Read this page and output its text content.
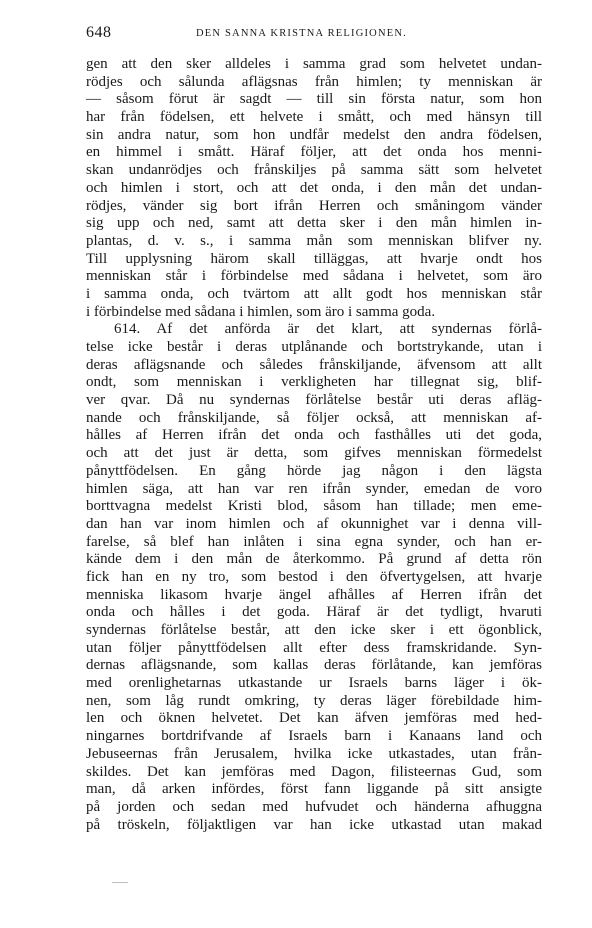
648	DEN SANNA KRISTNA RELIGIONEN.
gen att den sker alldeles i samma grad som helvetet undan-
rödjes och sålunda aflägsnas från himlen; ty menniskan är
— såsom förut är sagdt — till sin första natur, som hon
har från födelsen, ett helvete i smått, och med hänsyn till
sin andra natur, som hon undfår medelst den andra födelsen,
en himmel i smått. Häraf följer, att det onda hos menni-
skan undanrödjes och frånskiljes på samma sätt som helvetet
och himlen i stort, och att det onda, i den mån det undan-
rödjes, vänder sig bort ifrån Herren och småningom vänder
sig upp och ned, samt att detta sker i den mån himlen in-
plantas, d. v. s., i samma mån som menniskan blifver ny.
Till upplysning härom skall tilläggas, att hvarje ondt hos
menniskan står i förbindelse med sådana i helvetet, som äro
i samma onda, och tvärtom att allt godt hos menniskan står
i förbindelse med sådana i himlen, som äro i samma goda.
614. Af det anförda är det klart, att syndernas förlå-
telse icke består i deras utplånande och bortstrykande, utan i
deras aflägsnande och således frånskiljande, äfvensom att allt
ondt, som menniskan i verkligheten har tillegnat sig, blif-
ver qvar. Då nu syndernas förlåtelse består uti deras afläg-
nande och frånskiljande, så följer också, att menniskan af-
hålles af Herren ifrån det onda och fasthålles uti det goda,
och att det just är detta, som gifves menniskan förmedelst
pånyttfödelsen. En gång hörde jag någon i den lägsta
himlen säga, att han var ren ifrån synder, emedan de voro
borttvagna medelst Kristi blod, såsom han tillade; men eme-
dan han var inom himlen och af okunnighet var i denna vill-
farelse, så blef han inlåten i sina egna synder, och han er-
kände dem i den mån de återkommo. På grund af detta rön
fick han en ny tro, som bestod i den öfvertygelsen, att hvarje
menniska likasom hvarje ängel afhålles af Herren ifrån det
onda och hålles i det goda. Häraf är det tydligt, hvaruti
syndernas förlåtelse består, att den icke sker i ett ögonblick,
utan följer pånyttfödelsen allt efter dess framskridande. Syn-
dernas aflägsnande, som kallas deras förlåtande, kan jemföras
med orenlighetarnas utkastande ur Israels barns läger i ök-
nen, som låg rundt omkring, ty deras läger förebildade him-
len och öknen helvetet. Det kan äfven jemföras med hed-
ningarnes bortdrifvande af Israels barn i Kanaans land och
Jebuseernas från Jerusalem, hvilka icke utkastades, utan från-
skildes. Det kan jemföras med Dagon, filisteernas Gud, som
man, då arken infördes, först fann liggande på sitt ansigte
på jorden och sedan med hufvudet och händerna afhuggna
på tröskeln, följaktligen var han icke utkastad utan makad
